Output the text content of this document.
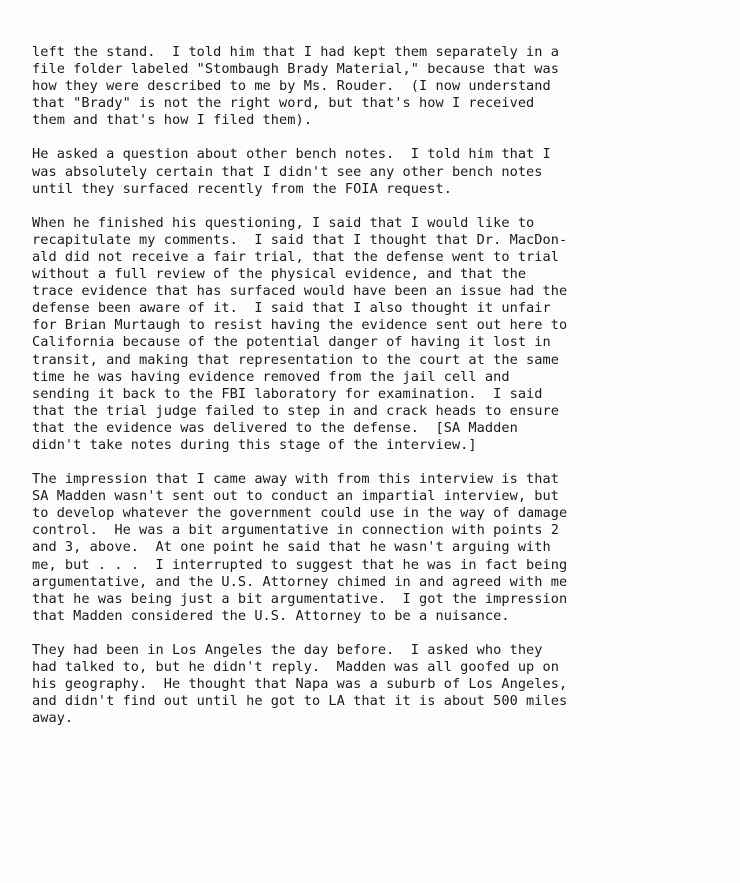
left the stand.  I told him that I had kept them separately in a
file folder labeled "Stombaugh Brady Material," because that was
how they were described to me by Ms. Rouder.  (I now understand
that "Brady" is not the right word, but that's how I received
them and that's how I filed them).
He asked a question about other bench notes.  I told him that I
was absolutely certain that I didn't see any other bench notes
until they surfaced recently from the FOIA request.
When he finished his questioning, I said that I would like to
recapitulate my comments.  I said that I thought that Dr. MacDon-
ald did not receive a fair trial, that the defense went to trial
without a full review of the physical evidence, and that the
trace evidence that has surfaced would have been an issue had the
defense been aware of it.  I said that I also thought it unfair
for Brian Murtaugh to resist having the evidence sent out here to
California because of the potential danger of having it lost in
transit, and making that representation to the court at the same
time he was having evidence removed from the jail cell and
sending it back to the FBI laboratory for examination.  I said
that the trial judge failed to step in and crack heads to ensure
that the evidence was delivered to the defense.  [SA Madden
didn't take notes during this stage of the interview.]
The impression that I came away with from this interview is that
SA Madden wasn't sent out to conduct an impartial interview, but
to develop whatever the government could use in the way of damage
control.  He was a bit argumentative in connection with points 2
and 3, above.  At one point he said that he wasn't arguing with
me, but . . .  I interrupted to suggest that he was in fact being
argumentative, and the U.S. Attorney chimed in and agreed with me
that he was being just a bit argumentative.  I got the impression
that Madden considered the U.S. Attorney to be a nuisance.
They had been in Los Angeles the day before.  I asked who they
had talked to, but he didn't reply.  Madden was all goofed up on
his geography.  He thought that Napa was a suburb of Los Angeles,
and didn't find out until he got to LA that it is about 500 miles
away.
